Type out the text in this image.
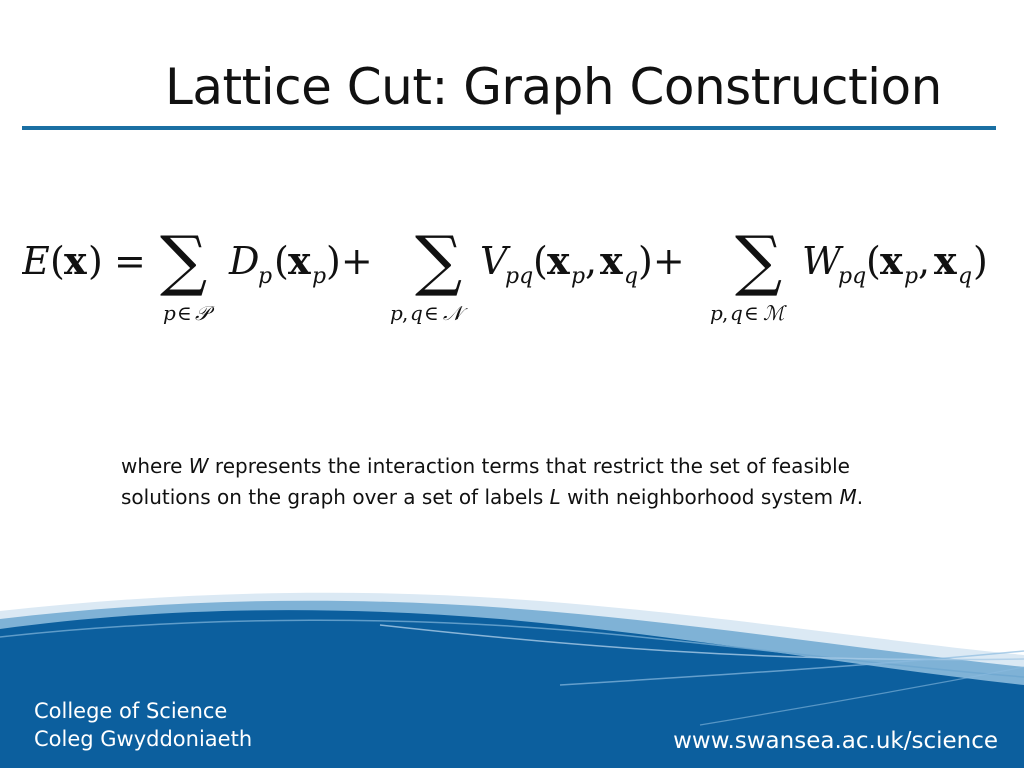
Lattice Cut: Graph Construction
E ( x ) = ∑
p ∈ 𝒫
D
p ( x p )+ ∑
p , q ∈ 𝒩
V
pq ( x p , x q )+ ∑
p , q ∈ ℳ
W
pq ( x p , x q )

where W represents the interaction terms that restrict the set of feasible solutions on the graph over a set of labels L with neighborhood system M.

College of Science
Coleg Gwyddoniaeth	www.swansea.ac.uk/science
